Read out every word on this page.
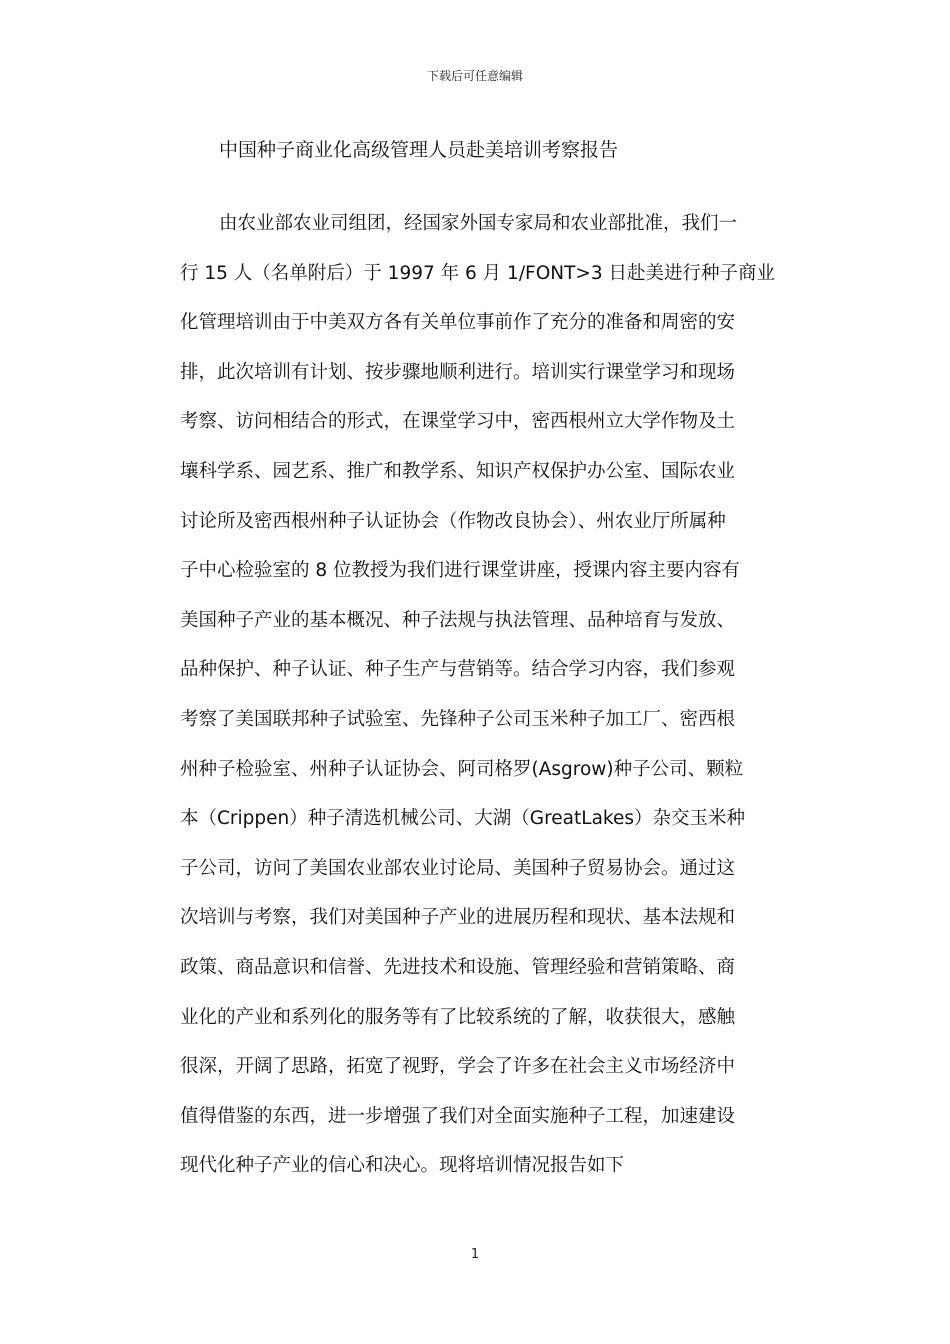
下载后可任意编辑
中国种子商业化高级管理人员赴美培训考察报告
由农业部农业司组团，经国家外国专家局和农业部批准，我们一
行 15 人（名单附后）于 1997 年 6 月 1/FONT>3 日赴美进行种子商业
化管理培训由于中美双方各有关单位事前作了充分的准备和周密的安
排，此次培训有计划、按步骤地顺利进行。培训实行课堂学习和现场
考察、访问相结合的形式，在课堂学习中，密西根州立大学作物及土
壤科学系、园艺系、推广和教学系、知识产权保护办公室、国际农业
讨论所及密西根州种子认证协会（作物改良协会）、州农业厅所属种
子中心检验室的 8 位教授为我们进行课堂讲座，授课内容主要内容有
美国种子产业的基本概况、种子法规与执法管理、品种培育与发放、
品种保护、种子认证、种子生产与营销等。结合学习内容，我们参观
考察了美国联邦种子试验室、先锋种子公司玉米种子加工厂、密西根
州种子检验室、州种子认证协会、阿司格罗(Asgrow)种子公司、颗粒
本（Crippen）种子清选机械公司、大湖（GreatLakes）杂交玉米种
子公司，访问了美国农业部农业讨论局、美国种子贸易协会。通过这
次培训与考察，我们对美国种子产业的进展历程和现状、基本法规和
政策、商品意识和信誉、先进技术和设施、管理经验和营销策略、商
业化的产业和系列化的服务等有了比较系统的了解，收获很大，感触
很深，开阔了思路，拓宽了视野，学会了许多在社会主义市场经济中
值得借鉴的东西，进一步增强了我们对全面实施种子工程，加速建设
现代化种子产业的信心和决心。现将培训情况报告如下
1
